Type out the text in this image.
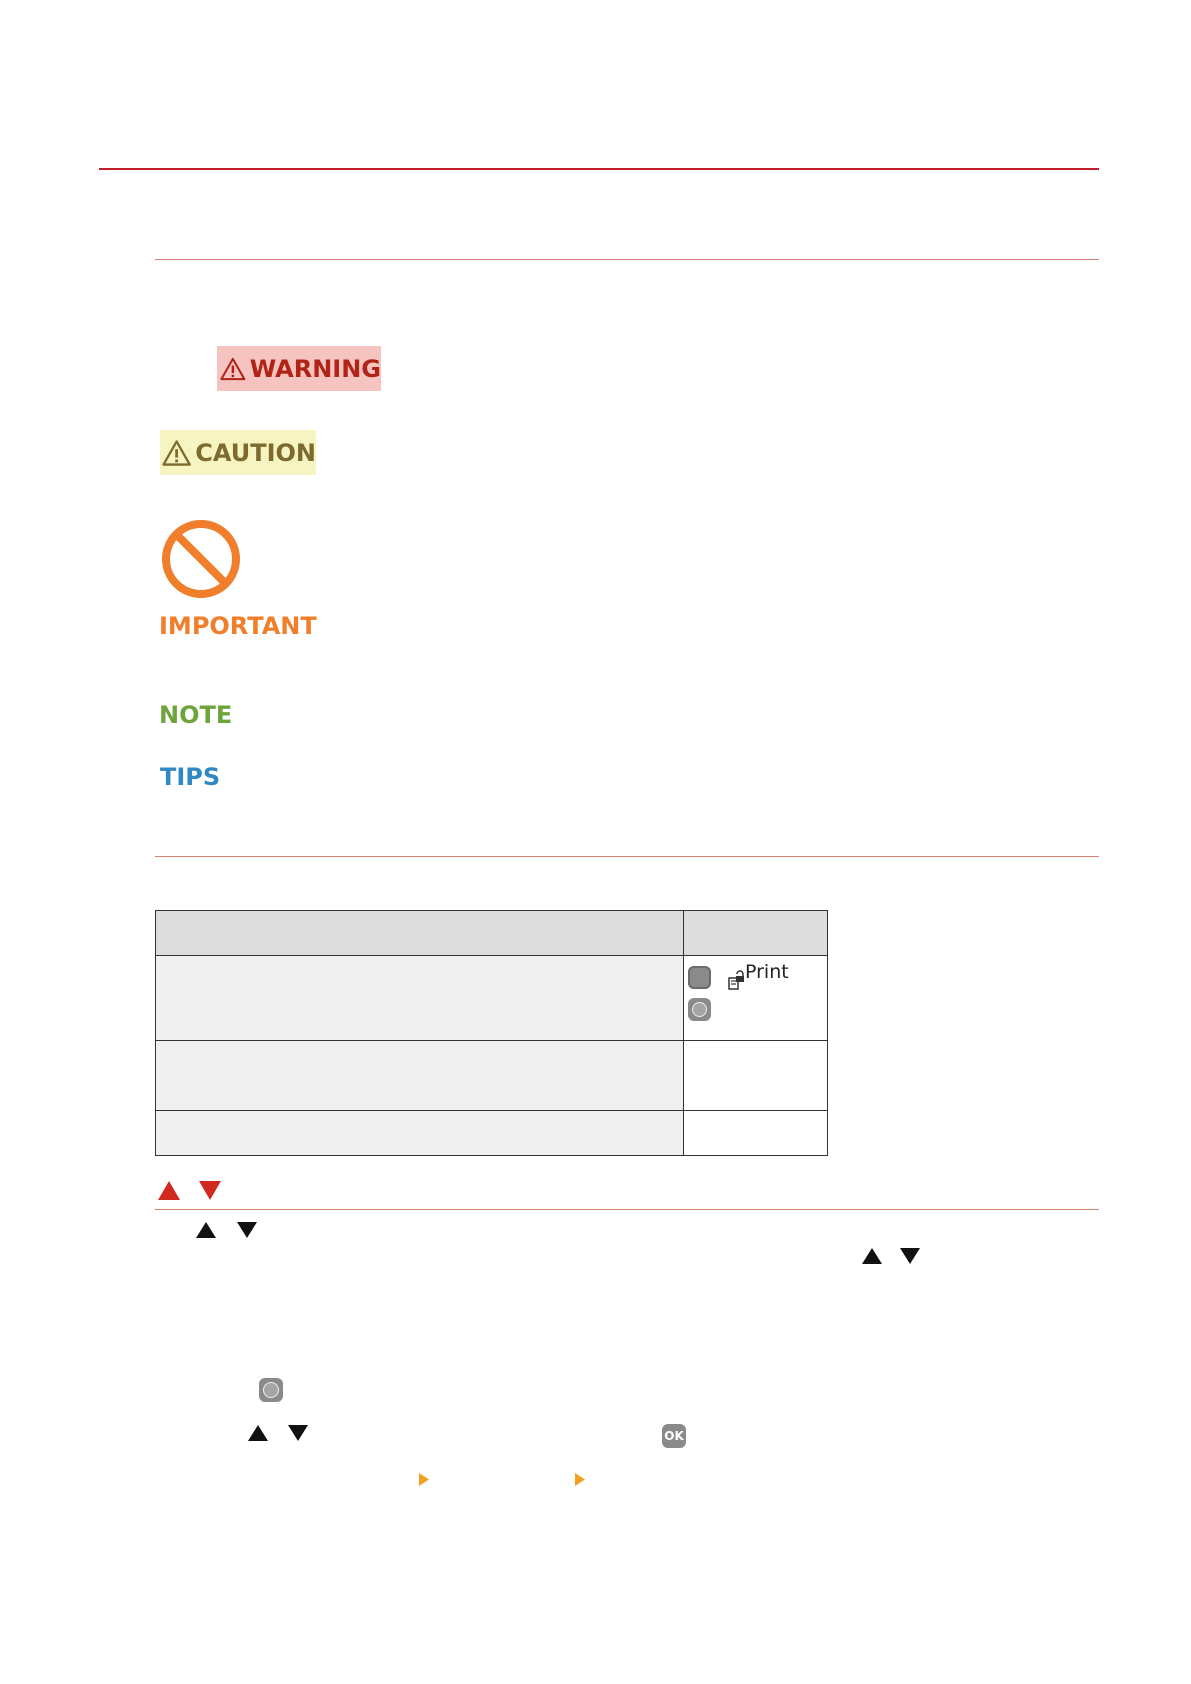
WARNING
CAUTION
IMPORTANT
NOTE
TIPS

	Print

OK
